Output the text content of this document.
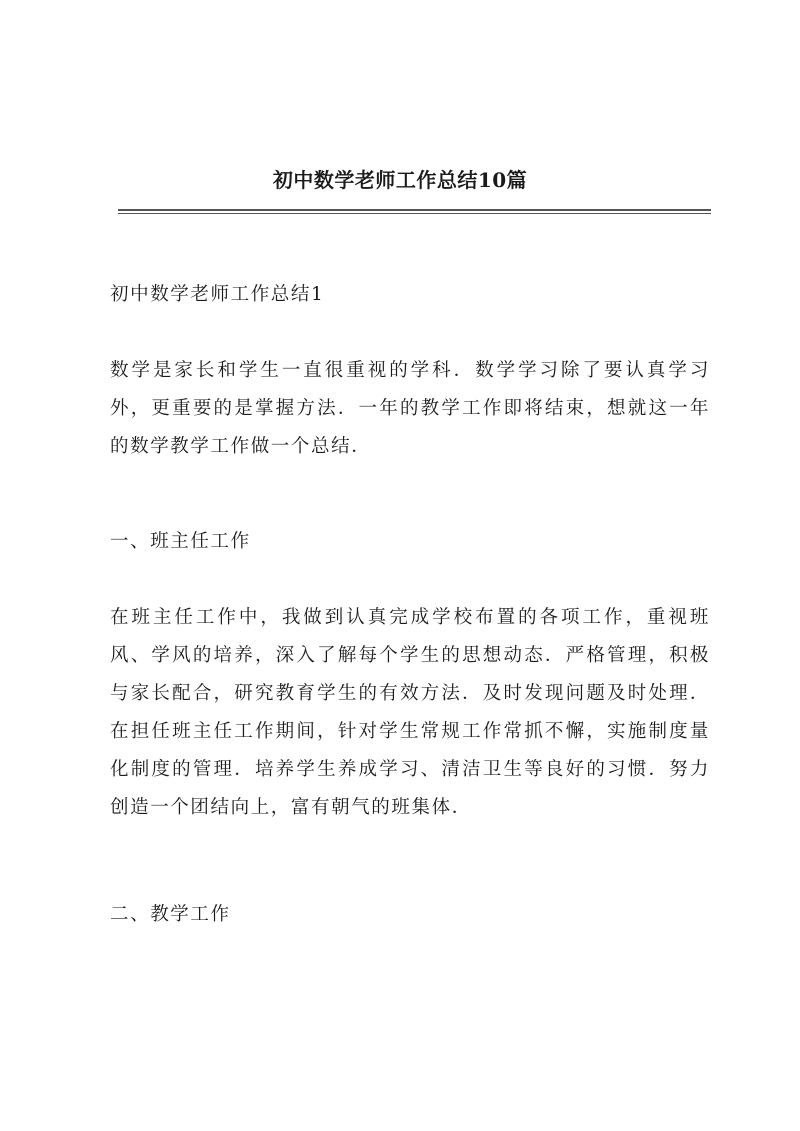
初中数学老师工作总结10篇

初中数学老师工作总结1

数学是家长和学生一直很重视的学科．数学学习除了要认真学习外，更重要的是掌握方法．一年的教学工作即将结束，想就这一年的数学教学工作做一个总结．

一、班主任工作

在班主任工作中，我做到认真完成学校布置的各项工作，重视班风、学风的培养，深入了解每个学生的思想动态．严格管理，积极与家长配合，研究教育学生的有效方法．及时发现问题及时处理．在担任班主任工作期间，针对学生常规工作常抓不懈，实施制度量化制度的管理．培养学生养成学习、清洁卫生等良好的习惯．努力创造一个团结向上，富有朝气的班集体．

二、教学工作
